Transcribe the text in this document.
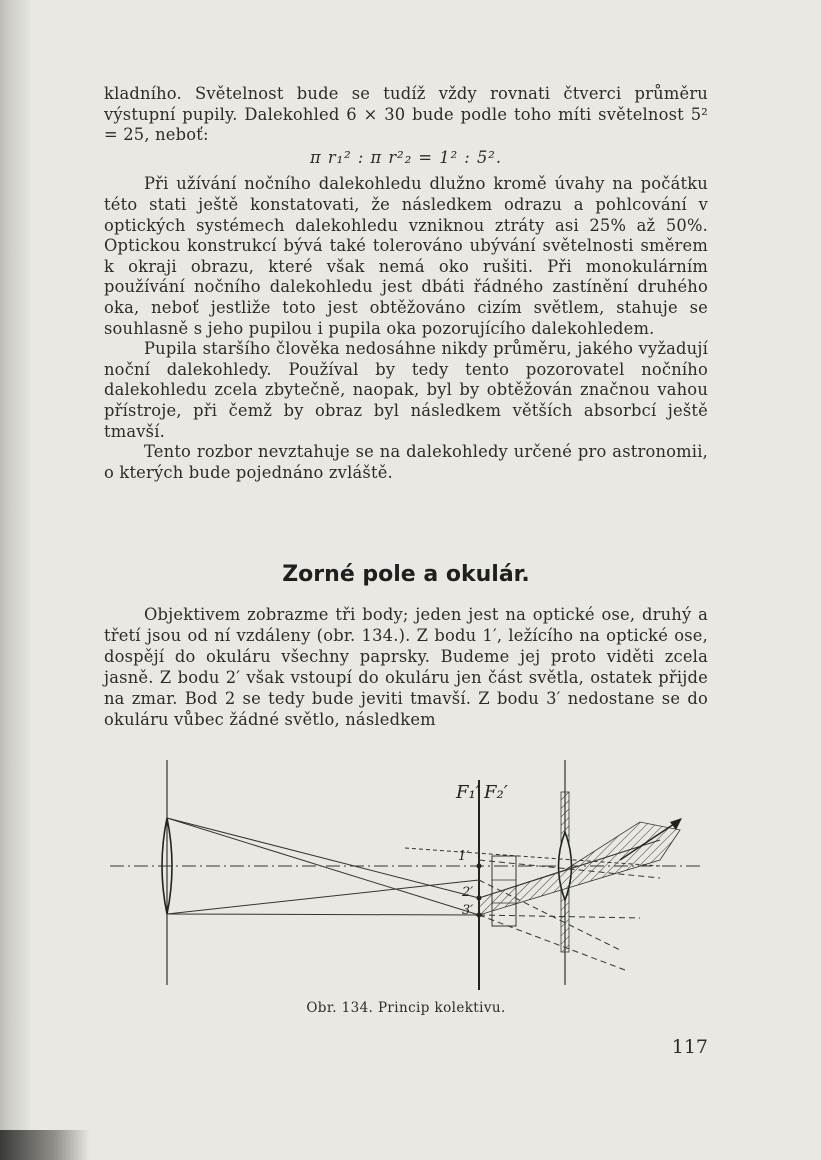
kladního. Světelnost bude se tudíž vždy rovnati čtverci průměru výstupní pupily. Dalekohled 6 × 30 bude podle toho míti světelnost 5² = 25, neboť:

π r₁² : π r²₂ = 1² : 5².

Při užívání nočního dalekohledu dlužno kromě úvahy na počátku této stati ještě konstatovati, že následkem odrazu a pohlcování v optických systémech dalekohledu vzniknou ztráty asi 25% až 50%. Optickou konstrukcí bývá také tolerováno ubývání světelnosti směrem k okraji obrazu, které však nemá oko rušiti. Při monokulárním používání nočního dalekohledu jest dbáti řádného zastínění druhého oka, neboť jestliže toto jest obtěžováno cizím světlem, stahuje se souhlasně s jeho pupilou i pupila oka pozorujícího dalekohledem.

Pupila staršího člověka nedosáhne nikdy průměru, jakého vyžadují noční dalekohledy. Používal by tedy tento pozorovatel nočního dalekohledu zcela zbytečně, naopak, byl by obtěžován značnou vahou přístroje, při čemž by obraz byl následkem větších absorbcí ještě tmavší.

Tento rozbor nevztahuje se na dalekohledy určené pro astronomii, o kterých bude pojednáno zvláště.

Zorné pole a okulár.

Objektivem zobrazme tři body; jeden jest na optické ose, druhý a třetí jsou od ní vzdáleny (obr. 134.). Z bodu 1′, ležícího na optické ose, dospějí do okuláru všechny paprsky. Budeme jej proto viděti zcela jasně. Z bodu 2′ však vstoupí do okuláru jen část světla, ostatek přijde na zmar. Bod 2 se tedy bude jeviti tmavší. Z bodu 3′ nedostane se do okuláru vůbec žádné světlo, následkem

F₁′ F₂′
1′
2′
3′
Obr. 134. Princip kolektivu.
117
